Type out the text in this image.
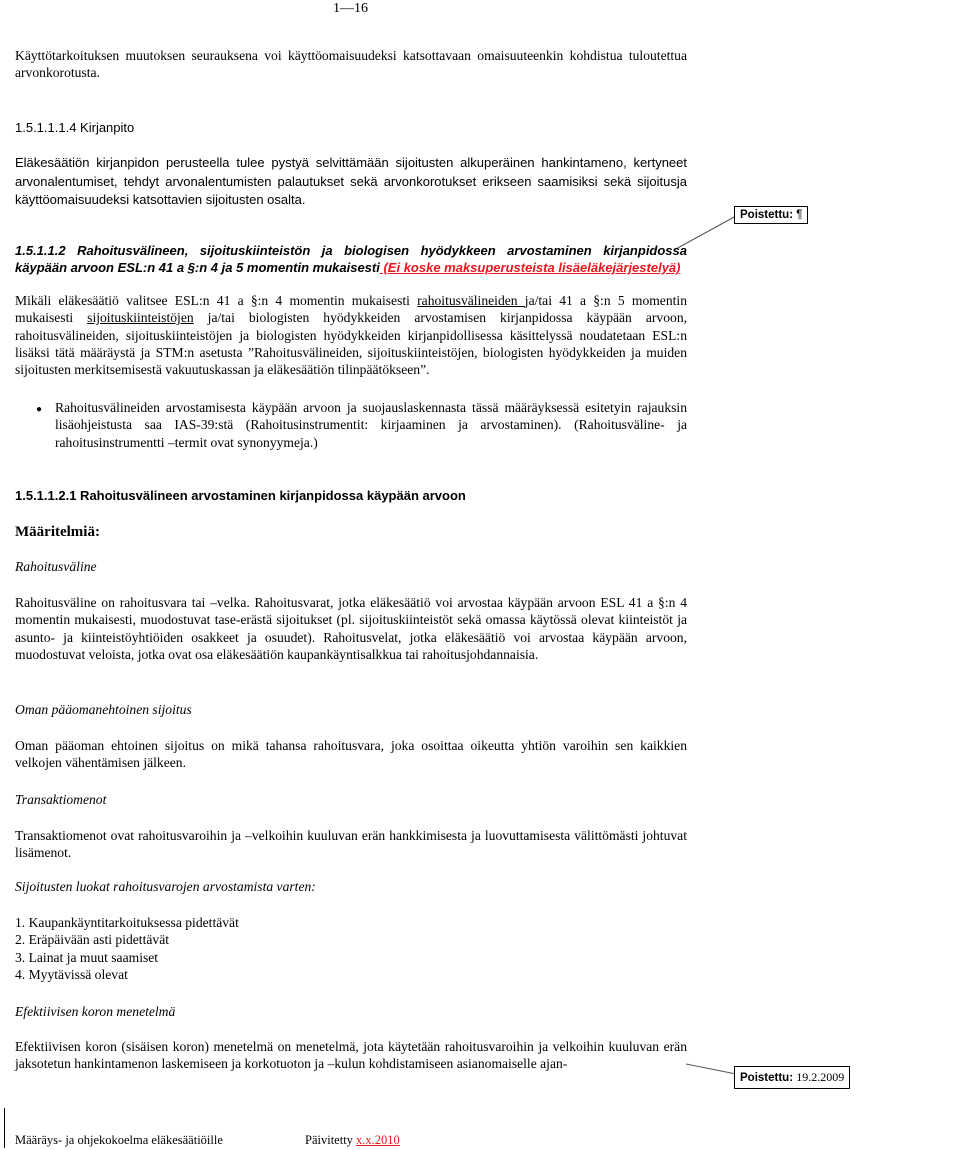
1—16
Käyttötarkoituksen muutoksen seurauksena voi käyttöomaisuudeksi katsottavaan omaisuuteenkin kohdistua tuloutettua arvonkorotusta.
1.5.1.1.1.4 Kirjanpito
Eläkesäätiön kirjanpidon perusteella tulee pystyä selvittämään sijoitusten alkuperäinen hankintameno, kertyneet arvonalentumiset, tehdyt arvonalentumisten palautukset sekä arvonkorotukset erikseen saamisiksi sekä sijoitusja käyttöomaisuudeksi katsottavien sijoitusten osalta.
Poistettu: ¶
1.5.1.1.2 Rahoitusvälineen, sijoituskiinteistön ja biologisen hyödykkeen arvostaminen kirjanpidossa käypään arvoon ESL:n 41 a §:n 4 ja 5 momentin mukaisesti (Ei koske maksuperusteista lisäeläkejärjestelyä)
Mikäli eläkesäätiö valitsee ESL:n 41 a §:n 4 momentin mukaisesti rahoitusvälineiden ja/tai 41 a §:n 5 momentin mukaisesti sijoituskiinteistöjen ja/tai biologisten hyödykkeiden arvostamisen kirjanpidossa käypään arvoon, rahoitusvälineiden, sijoituskiinteistöjen ja biologisten hyödykkeiden kirjanpidollisessa käsittelyssä noudatetaan ESL:n lisäksi tätä määräystä ja STM:n asetusta ”Rahoitusvälineiden, sijoituskiinteistöjen, biologisten hyödykkeiden ja muiden sijoitusten merkitsemisestä vakuutuskassan ja eläkesäätiön tilinpäätökseen”.
● Rahoitusvälineiden arvostamisesta käypään arvoon ja suojauslaskennasta tässä määräyksessä esitetyin rajauksin lisäohjeistusta saa IAS-39:stä (Rahoitusinstrumentit: kirjaaminen ja arvostaminen). (Rahoitusväline- ja rahoitusinstrumentti –termit ovat synonyymeja.)
1.5.1.1.2.1 Rahoitusvälineen arvostaminen kirjanpidossa käypään arvoon
Määritelmiä:
Rahoitusväline
Rahoitusväline on rahoitusvara tai –velka. Rahoitusvarat, jotka eläkesäätiö voi arvostaa käypään arvoon ESL 41 a §:n 4 momentin mukaisesti, muodostuvat tase-erästä sijoitukset (pl. sijoituskiinteistöt sekä omassa käytössä olevat kiinteistöt ja asunto- ja kiinteistöyhtiöiden osakkeet ja osuudet). Rahoitusvelat, jotka eläkesäätiö voi arvostaa käypään arvoon, muodostuvat veloista, jotka ovat osa eläkesäätiön kaupankäyntisalkkua tai rahoitusjohdannaisia.
Oman pääomanehtoinen sijoitus
Oman pääoman ehtoinen sijoitus on mikä tahansa rahoitusvara, joka osoittaa oikeutta yhtiön varoihin sen kaikkien velkojen vähentämisen jälkeen.
Transaktiomenot
Transaktiomenot ovat rahoitusvaroihin ja –velkoihin kuuluvan erän hankkimisesta ja luovuttamisesta välittömästi johtuvat lisämenot.
Sijoitusten luokat rahoitusvarojen arvostamista varten:
1. Kaupankäyntitarkoituksessa pidettävät
2. Eräpäivään asti pidettävät
3. Lainat ja muut saamiset
4. Myytävissä olevat
Efektiivisen koron menetelmä
Efektiivisen koron (sisäisen koron) menetelmä on menetelmä, jota käytetään rahoitusvaroihin ja velkoihin kuuluvan erän jaksotetun hankintamenon laskemiseen ja korkotuoton ja –kulun kohdistamiseen asianomaiselle ajan-
Poistettu: 19.2.2009
Määräys- ja ohjekokoelma eläkesäätiöille	Päivitetty x.x.2010
